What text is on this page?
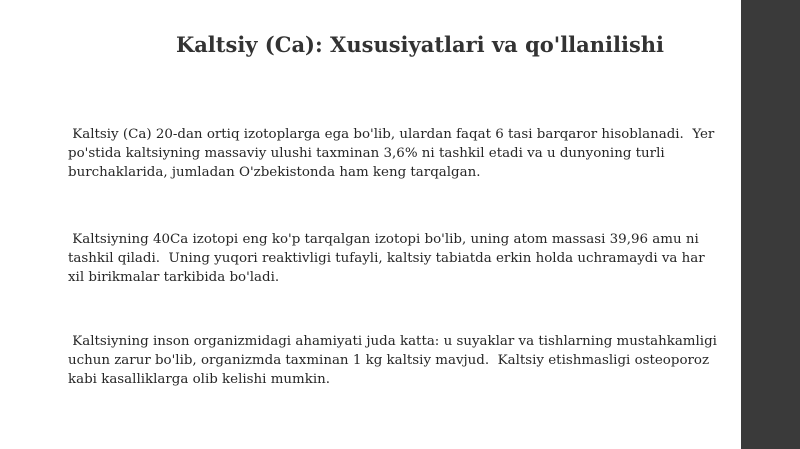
Kaltsiy (Ca): Xususiyatlari va qo'llanilishi

Kaltsiy (Ca) 20-dan ortiq izotoplarga ega bo'lib, ulardan faqat 6 tasi barqaror hisoblanadi.  Yer
po'stida kaltsiyning massaviy ulushi taxminan 3,6% ni tashkil etadi va u dunyoning turli
burchaklarida, jumladan O'zbekistonda ham keng tarqalgan.

Kaltsiyning 40Ca izotopi eng ko'p tarqalgan izotopi bo'lib, uning atom massasi 39,96 amu ni
tashkil qiladi.  Uning yuqori reaktivligi tufayli, kaltsiy tabiatda erkin holda uchramaydi va har
xil birikmalar tarkibida bo'ladi.

Kaltsiyning inson organizmidagi ahamiyati juda katta: u suyaklar va tishlarning mustahkamligi
uchun zarur bo'lib, organizmda taxminan 1 kg kaltsiy mavjud.  Kaltsiy etishmasligi osteoporoz
kabi kasalliklarga olib kelishi mumkin.
